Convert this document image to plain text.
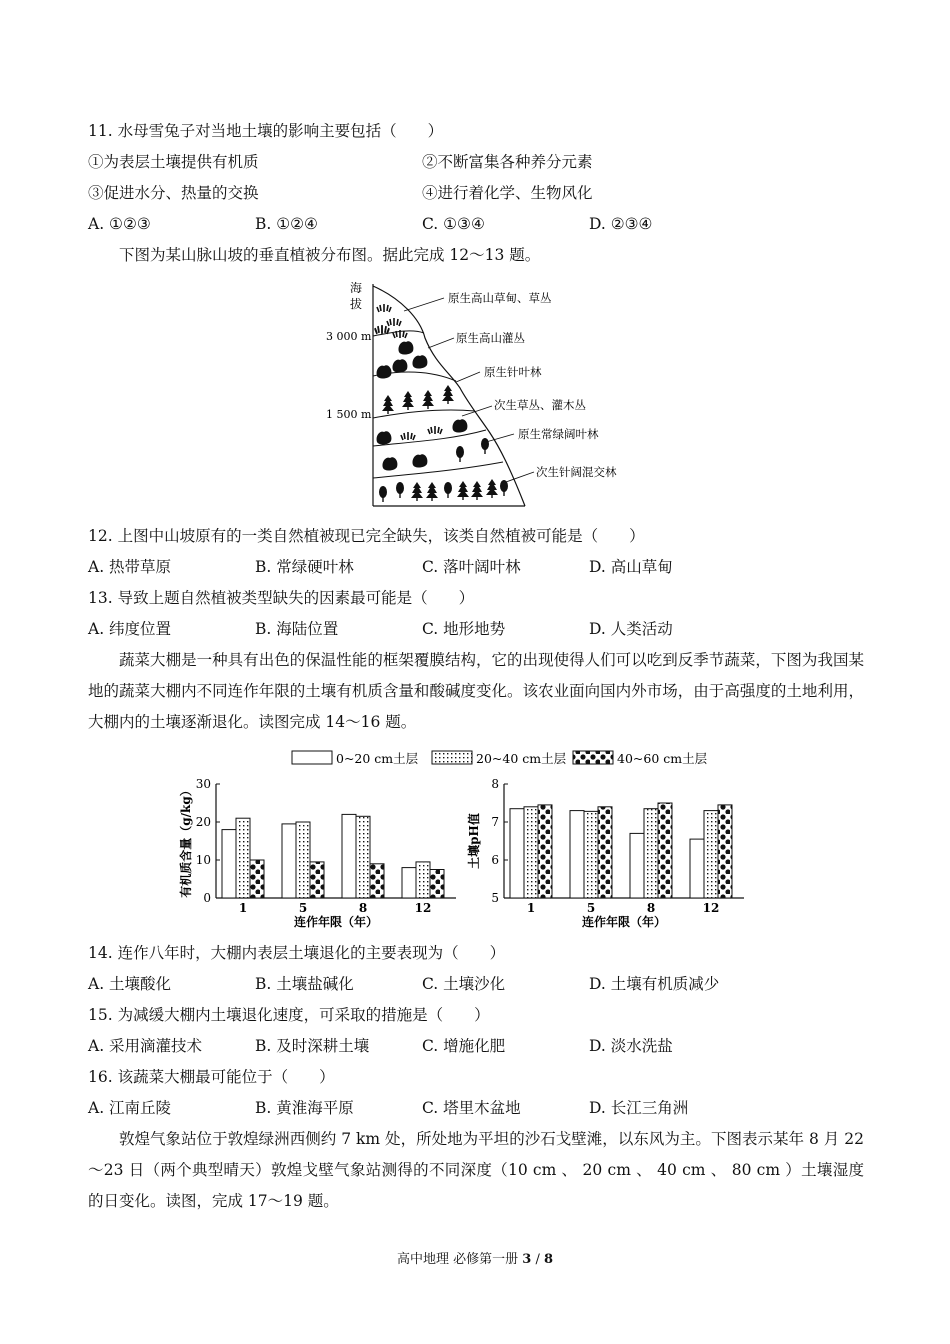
11. 水母雪兔子对当地土壤的影响主要包括（　　）
①为表层土壤提供有机质	②不断富集各种养分元素
③促进水分、热量的交换	④进行着化学、生物风化
A. ①②③	B. ①②④	C. ①③④	D. ②③④
下图为某山脉山坡的垂直植被分布图。据此完成 12～13 题。
海
拔
3 000 m
1 500 m
原生高山草甸、草丛
原生高山灌丛
原生针叶林
次生草丛、灌木丛
原生常绿阔叶林
次生针阔混交林
12. 上图中山坡原有的一类自然植被现已完全缺失，该类自然植被可能是（　　）
A. 热带草原	B. 常绿硬叶林	C. 落叶阔叶林	D. 高山草甸
13. 导致上题自然植被类型缺失的因素最可能是（　　）
A. 纬度位置	B. 海陆位置	C. 地形地势	D. 人类活动
蔬菜大棚是一种具有出色的保温性能的框架覆膜结构，它的出现使得人们可以吃到反季节蔬菜，下图为我国某地的蔬菜大棚内不同连作年限的土壤有机质含量和酸碱度变化。该农业面向国内外市场，由于高强度的土地利用，大棚内的土壤逐渐退化。读图完成 14～16 题。
0~20 cm土层	20~40 cm土层	40~60 cm土层
0
10
20
30
有机质含量（g/kg）
1	5	8	12
连作年限（年）
5
6
7
8
土壤pH值
1	5	8	12
连作年限（年）
14. 连作八年时，大棚内表层土壤退化的主要表现为（　　）
A. 土壤酸化	B. 土壤盐碱化	C. 土壤沙化	D. 土壤有机质减少
15. 为减缓大棚内土壤退化速度，可采取的措施是（　　）
A. 采用滴灌技术	B. 及时深耕土壤	C. 增施化肥	D. 淡水洗盐
16. 该蔬菜大棚最可能位于（　　）
A. 江南丘陵	B. 黄淮海平原	C. 塔里木盆地	D. 长江三角洲
敦煌气象站位于敦煌绿洲西侧约 7 km 处，所处地为平坦的沙石戈壁滩，以东风为主。下图表示某年 8 月 22～23 日（两个典型晴天）敦煌戈壁气象站测得的不同深度（10 cm 、 20 cm 、 40 cm 、 80 cm ）土壤湿度的日变化。读图，完成 17～19 题。
高中地理 必修第一册 3 / 8
